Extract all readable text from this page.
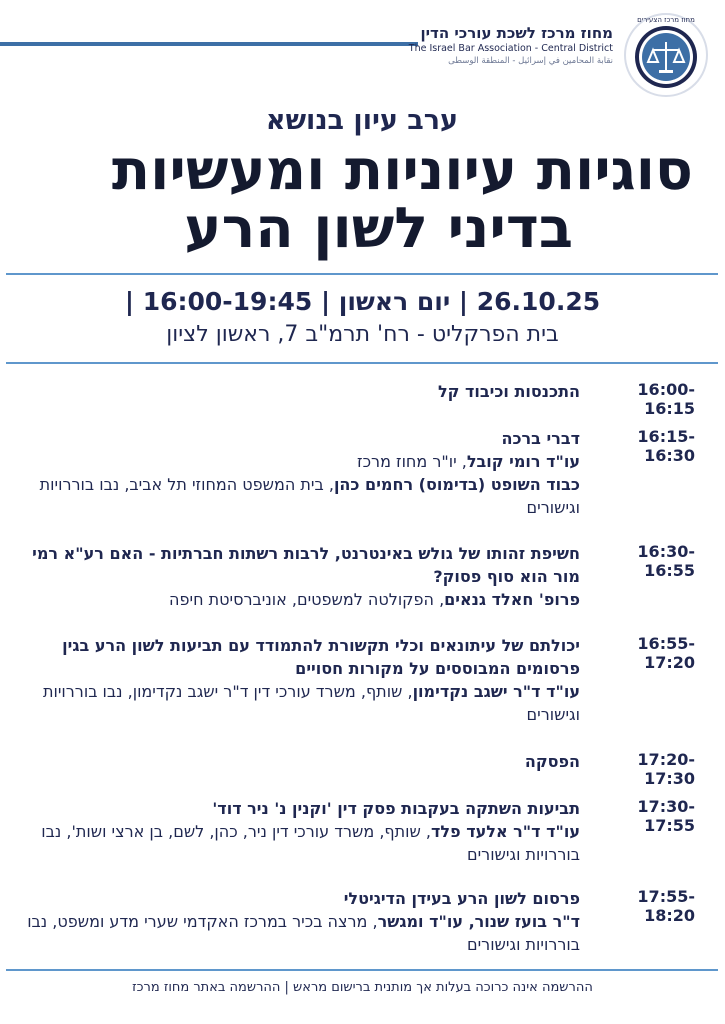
מחוז מרכז לשכת עורכי הדין
The Israel Bar Association - Central District
نقابة المحامين في إسرائيل - المنطقة الوسطى
מחוז מרכז הצעירים
ערב עיון בנושא
סוגיות עיוניות ומעשיות
בדיני לשון הרע
26.10.25 | יום ראשון | 16:00-19:45 |
בית הפרקליט - רח' תרמ"ב 7, ראשון לציון
16:00-16:15
התכנסות וכיבוד קל
16:15-16:30
דברי ברכה
עו"ד רומי קובל, יו"ר מחוז מרכז
כבוד השופט (בדימוס) רחמים כהן, בית המשפט המחוזי תל אביב, נבו בוררויות וגישורים
16:30-16:55
חשיפת זהותו של גולש באינטרנט, לרבות רשתות חברתיות - האם רע"א רמי מור הוא סוף פסוק?
פרופ' חאלד גנאים, הפקולטה למשפטים, אוניברסיטת חיפה
16:55-17:20
יכולתם של עיתונאים וכלי תקשורת להתמודד עם תביעות לשון הרע בגין פרסומים המבוססים על מקורות חסויים
עו"ד ד"ר ישגב נקדימון, שותף, משרד עורכי דין ד"ר ישגב נקדימון, נבו בוררויות וגישורים
17:20-17:30
הפסקה
17:30-17:55
תביעות השתקה בעקבות פסק דין 'וקנין נ' ניר דוד'
עו"ד ד"ר אלעד פלד, שותף, משרד עורכי דין ניר, כהן, לשם, בן ארצי ושות', נבו בוררויות וגישורים
17:55-18:20
פרסום לשון הרע בעידן הדיגיטלי
ד"ר בועז שנור, עו"ד ומגשר, מרצה בכיר במרכז האקדמי שערי מדע ומשפט, נבו בוררויות וגישורים
ההרשמה אינה כרוכה בעלות אך מותנית ברישום מראש | ההרשמה באתר מחוז מרכז
